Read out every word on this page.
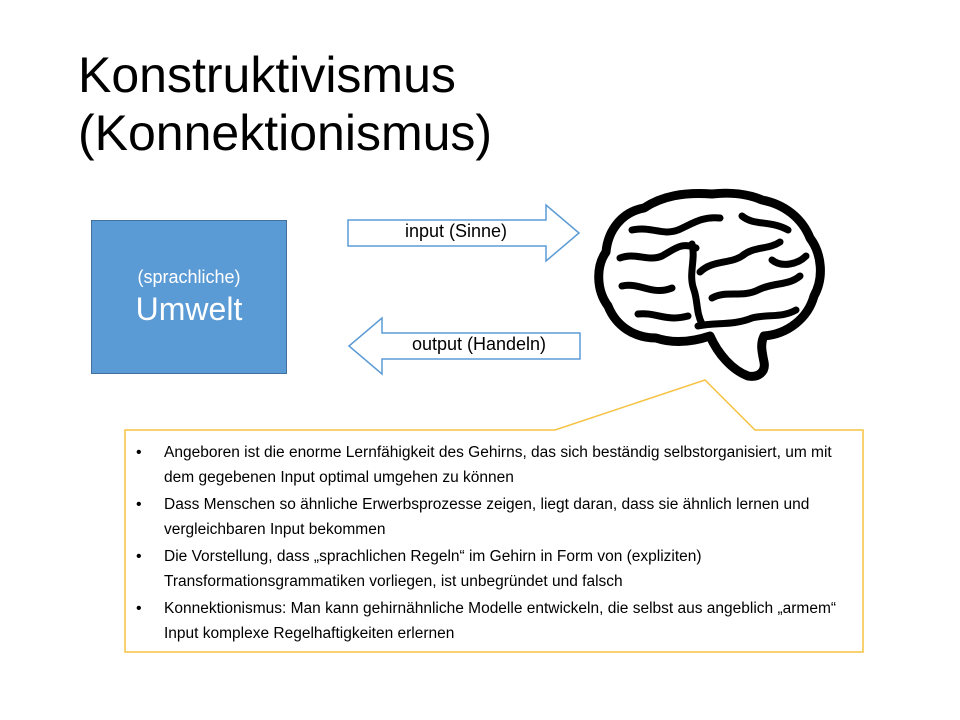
Konstruktivismus
(Konnektionismus)
(sprachliche)
Umwelt
input (Sinne)
output (Handeln)
• Angeboren ist die enorme Lernfähigkeit des Gehirns, das sich beständig selbstorganisiert, um mit dem gegebenen Input optimal umgehen zu können
• Dass Menschen so ähnliche Erwerbsprozesse zeigen, liegt daran, dass sie ähnlich lernen und vergleichbaren Input bekommen
• Die Vorstellung, dass „sprachlichen Regeln“ im Gehirn in Form von (expliziten) Transformationsgrammatiken vorliegen, ist unbegründet und falsch
• Konnektionismus: Man kann gehirnähnliche Modelle entwickeln, die selbst aus angeblich „armem“ Input komplexe Regelhaftigkeiten erlernen
